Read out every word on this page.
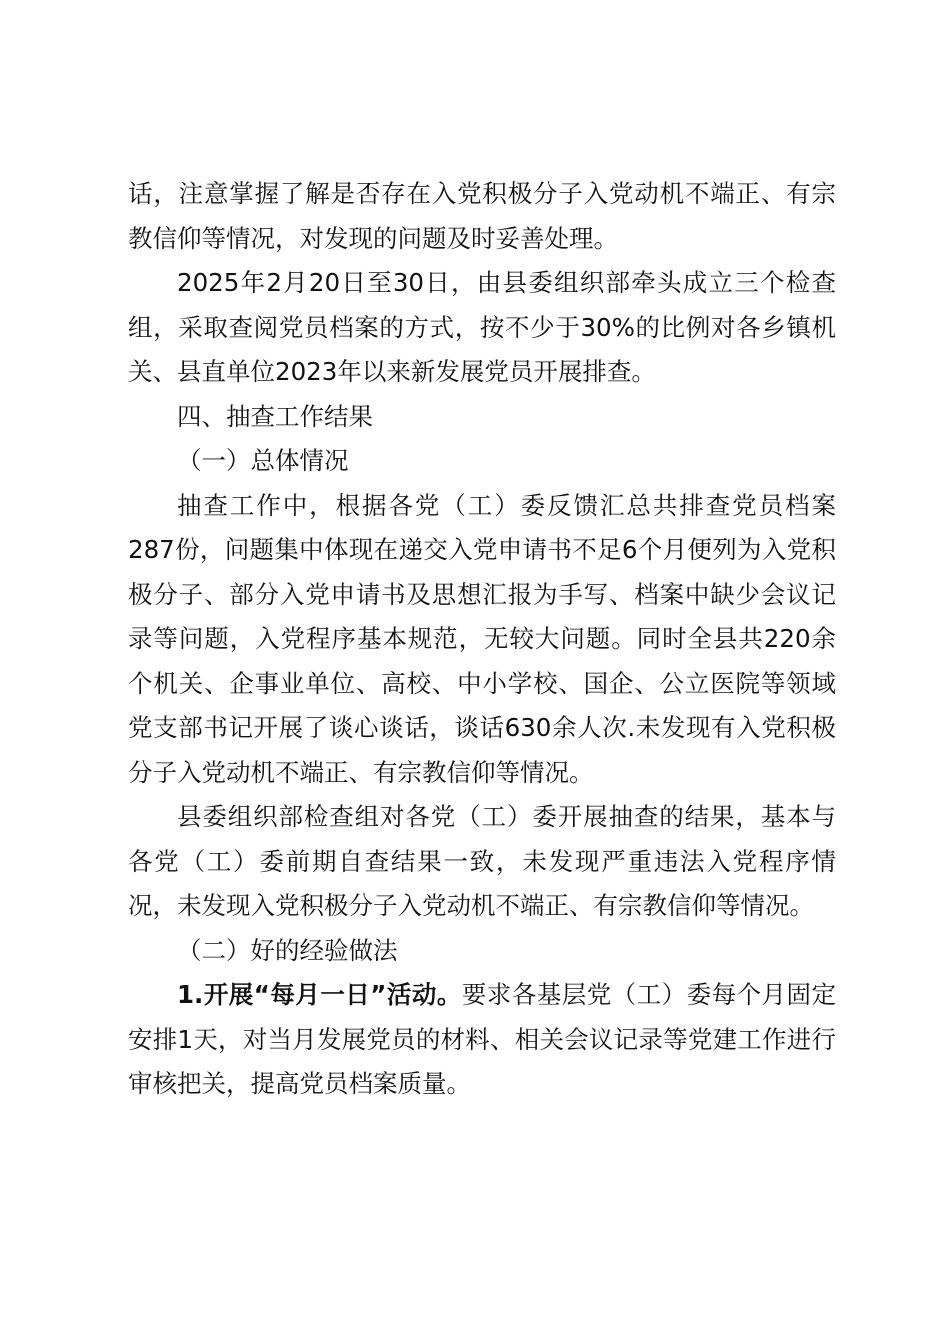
话，注意掌握了解是否存在入党积极分子入党动机不端正、有宗教信仰等情况，对发现的问题及时妥善处理。

2025年2月20日至30日，由县委组织部牵头成立三个检查组，采取查阅党员档案的方式，按不少于30%的比例对各乡镇机关、县直单位2023年以来新发展党员开展排查。

四、抽查工作结果

（一）总体情况

抽查工作中，根据各党（工）委反馈汇总共排查党员档案287份，问题集中体现在递交入党申请书不足6个月便列为入党积极分子、部分入党申请书及思想汇报为手写、档案中缺少会议记录等问题，入党程序基本规范，无较大问题。同时全县共220余个机关、企事业单位、高校、中小学校、国企、公立医院等领域党支部书记开展了谈心谈话，谈话630余人次.未发现有入党积极分子入党动机不端正、有宗教信仰等情况。

县委组织部检查组对各党（工）委开展抽查的结果，基本与各党（工）委前期自查结果一致，未发现严重违法入党程序情况，未发现入党积极分子入党动机不端正、有宗教信仰等情况。

（二）好的经验做法

1.开展“每月一日”活动。要求各基层党（工）委每个月固定安排1天，对当月发展党员的材料、相关会议记录等党建工作进行审核把关，提高党员档案质量。
